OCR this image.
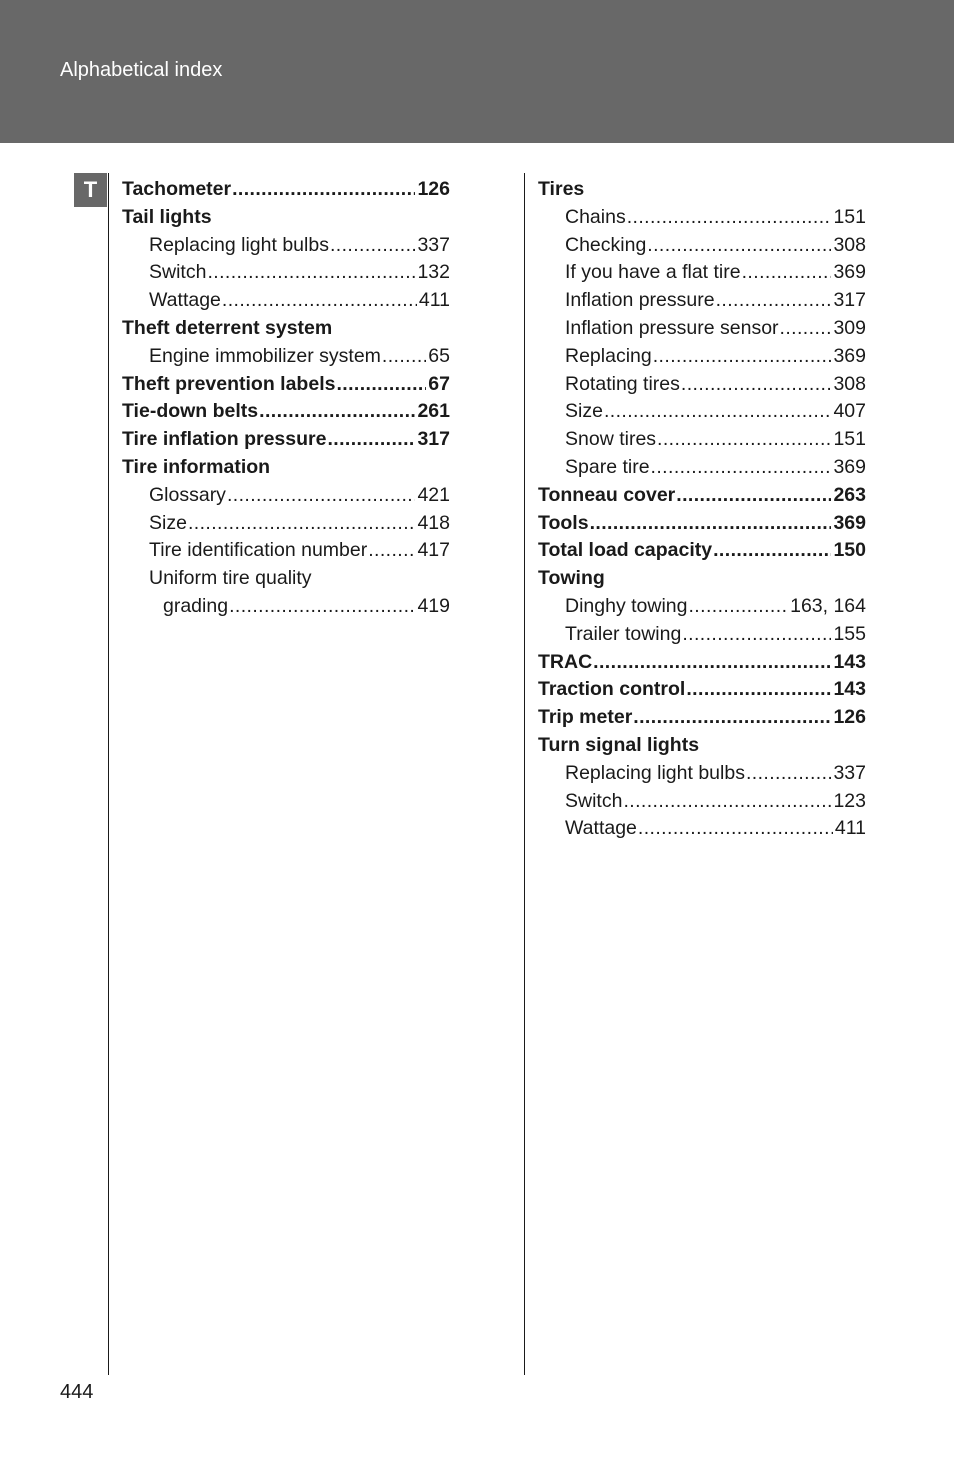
Alphabetical index
T	Tachometer .....	126
Tail lights
Replacing light bulbs .....	337
Switch .....	132
Wattage .....	411
Theft deterrent system
Engine immobilizer system ..... 65
Theft prevention labels .....	67
Tie-down belts .....	261
Tire inflation pressure .....	317
Tire information
Glossary .....	421
Size .....	418
Tire identification number .....	417
Uniform tire quality
grading .....	419
Tires
Chains .....	151
Checking .....	308
If you have a flat tire .....	369
Inflation pressure .....	317
Inflation pressure sensor .....	309
Replacing .....	369
Rotating tires .....	308
Size .....	407
Snow tires .....	151
Spare tire .....	369
Tonneau cover .....	263
Tools .....	369
Total load capacity .....	150
Towing
Dinghy towing .....	163, 164
Trailer towing .....	155
TRAC .....	143
Traction control .....	143
Trip meter .....	126
Turn signal lights
Replacing light bulbs .....	337
Switch .....	123
Wattage .....	411
444
